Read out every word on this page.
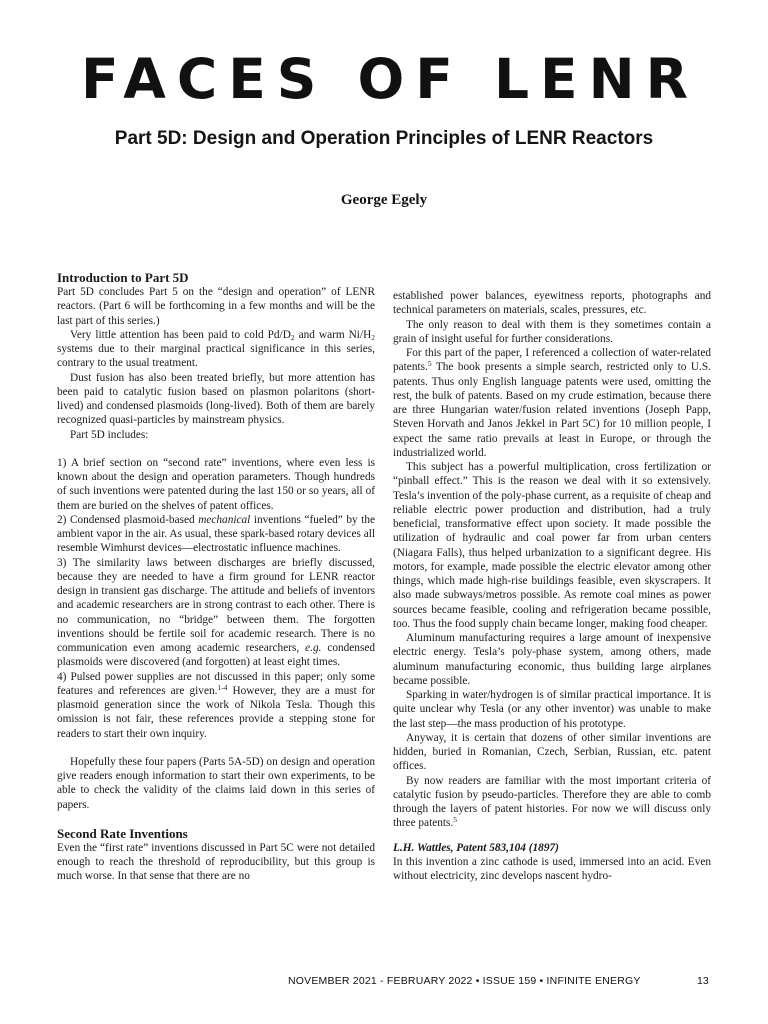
FACES OF LENR
Part 5D: Design and Operation Principles of LENR Reactors
George Egely
Introduction to Part 5D

Part 5D concludes Part 5 on the “design and operation” of LENR reactors. (Part 6 will be forthcoming in a few months and will be the last part of this series.)

Very little attention has been paid to cold $Pd/D_2$ and warm $Ni/H_2$ systems due to their marginal practical significance in this series, contrary to the usual treatment.

Dust fusion has also been treated briefly, but more attention has been paid to catalytic fusion based on plasmon polaritons (short-lived) and condensed plasmoids (long-lived). Both of them are barely recognized quasi-particles by mainstream physics.

Part 5D includes:

1) A brief section on “second rate” inventions, where even less is known about the design and operation parameters. Though hundreds of such inventions were patented during the last 150 or so years, all of them are buried on the shelves of patent offices.

2) Condensed plasmoid-based mechanical inventions “fueled” by the ambient vapor in the air. As usual, these spark-based rotary devices all resemble Wimhurst devices—electrostatic influence machines.

3) The similarity laws between discharges are briefly discussed, because they are needed to have a firm ground for LENR reactor design in transient gas discharge. The attitude and beliefs of inventors and academic researchers are in strong contrast to each other. There is no communication, no “bridge” between them. The forgotten inventions should be fertile soil for academic research. There is no communication even among academic researchers, e.g. condensed plasmoids were discovered (and forgotten) at least eight times.

4) Pulsed power supplies are not discussed in this paper; only some features and references are given.$^{1-4}$ However, they are a must for plasmoid generation since the work of Nikola Tesla. Though this omission is not fair, these references provide a stepping stone for readers to start their own inquiry.

Hopefully these four papers (Parts 5A-5D) on design and operation give readers enough information to start their own experiments, to be able to check the validity of the claims laid down in this series of papers.

Second Rate Inventions

Even the “first rate” inventions discussed in Part 5C were not detailed enough to reach the threshold of reproducibility, but this group is much worse. In that sense that there are no

established power balances, eyewitness reports, photographs and technical parameters on materials, scales, pressures, etc.

The only reason to deal with them is they sometimes contain a grain of insight useful for further considerations.

For this part of the paper, I referenced a collection of water-related patents.$^5$ The book presents a simple search, restricted only to U.S. patents. Thus only English language patents were used, omitting the rest, the bulk of patents. Based on my crude estimation, because there are three Hungarian water/fusion related inventions (Joseph Papp, Steven Horvath and Janos Jekkel in Part 5C) for 10 million people, I expect the same ratio prevails at least in Europe, or through the industrialized world.

This subject has a powerful multiplication, cross fertilization or “pinball effect.” This is the reason we deal with it so extensively. Tesla’s invention of the poly-phase current, as a requisite of cheap and reliable electric power production and distribution, had a truly beneficial, transformative effect upon society. It made possible the utilization of hydraulic and coal power far from urban centers (Niagara Falls), thus helped urbanization to a significant degree. His motors, for example, made possible the electric elevator among other things, which made high-rise buildings feasible, even skyscrapers. It also made subways/metros possible. As remote coal mines as power sources became feasible, cooling and refrigeration became possible, too. Thus the food supply chain became longer, making food cheaper.

Aluminum manufacturing requires a large amount of inexpensive electric energy. Tesla’s poly-phase system, among others, made aluminum manufacturing economic, thus building large airplanes became possible.

Sparking in water/hydrogen is of similar practical importance. It is quite unclear why Tesla (or any other inventor) was unable to make the last step—the mass production of his prototype.

Anyway, it is certain that dozens of other similar inventions are hidden, buried in Romanian, Czech, Serbian, Russian, etc. patent offices.

By now readers are familiar with the most important criteria of catalytic fusion by pseudo-particles. Therefore they are able to comb through the layers of patent histories. For now we will discuss only three patents.$^5$

L.H. Wattles, Patent 583,104 (1897)

In this invention a zinc cathode is used, immersed into an acid. Even without electricity, zinc develops nascent hydro-

NOVEMBER 2021 - FEBRUARY 2022 • ISSUE 159 • INFINITE ENERGY	13
